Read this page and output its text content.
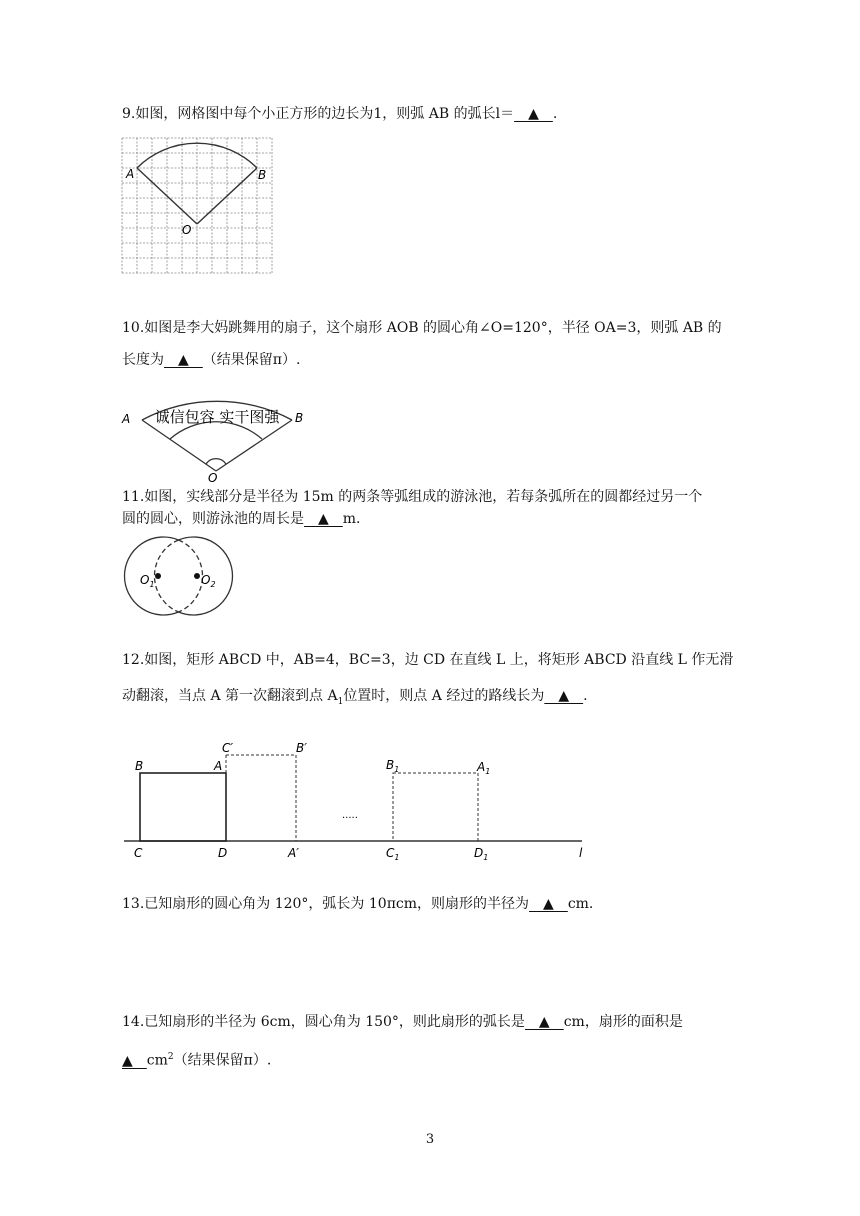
9.如图，网格图中每个小正方形的边长为1，则弧 AB 的弧长l＝　▲　.
A	B
O
10.如图是李大妈跳舞用的扇子，这个扇形 AOB 的圆心角∠O=120°，半径 OA=3，则弧 AB 的
长度为　▲　（结果保留π）.
诚信包容 实干图强
A	B
O
11.如图，实线部分是半径为 15m 的两条等弧组成的游泳池，若每条弧所在的圆都经过另一个
圆的圆心，则游泳池的周长是　▲　m.
$O_1$	$O_2$
12.如图，矩形 ABCD 中，AB=4，BC=3，边 CD 在直线 L 上，将矩形 ABCD 沿直线 L 作无滑
动翻滚，当点 A 第一次翻滚到点 $A_1$位置时，则点 A 经过的路线长为　▲　.
B	A
C	D
C′	B′
A′
.....
$B_1$	$A_1$
$C_1$	$D_1$	l
13.已知扇形的圆心角为 120°，弧长为 10πcm，则扇形的半径为　▲　cm.
14.已知扇形的半径为 6cm，圆心角为 150°，则此扇形的弧长是　▲　cm，扇形的面积是
▲　$cm^2$（结果保留π）.
3
